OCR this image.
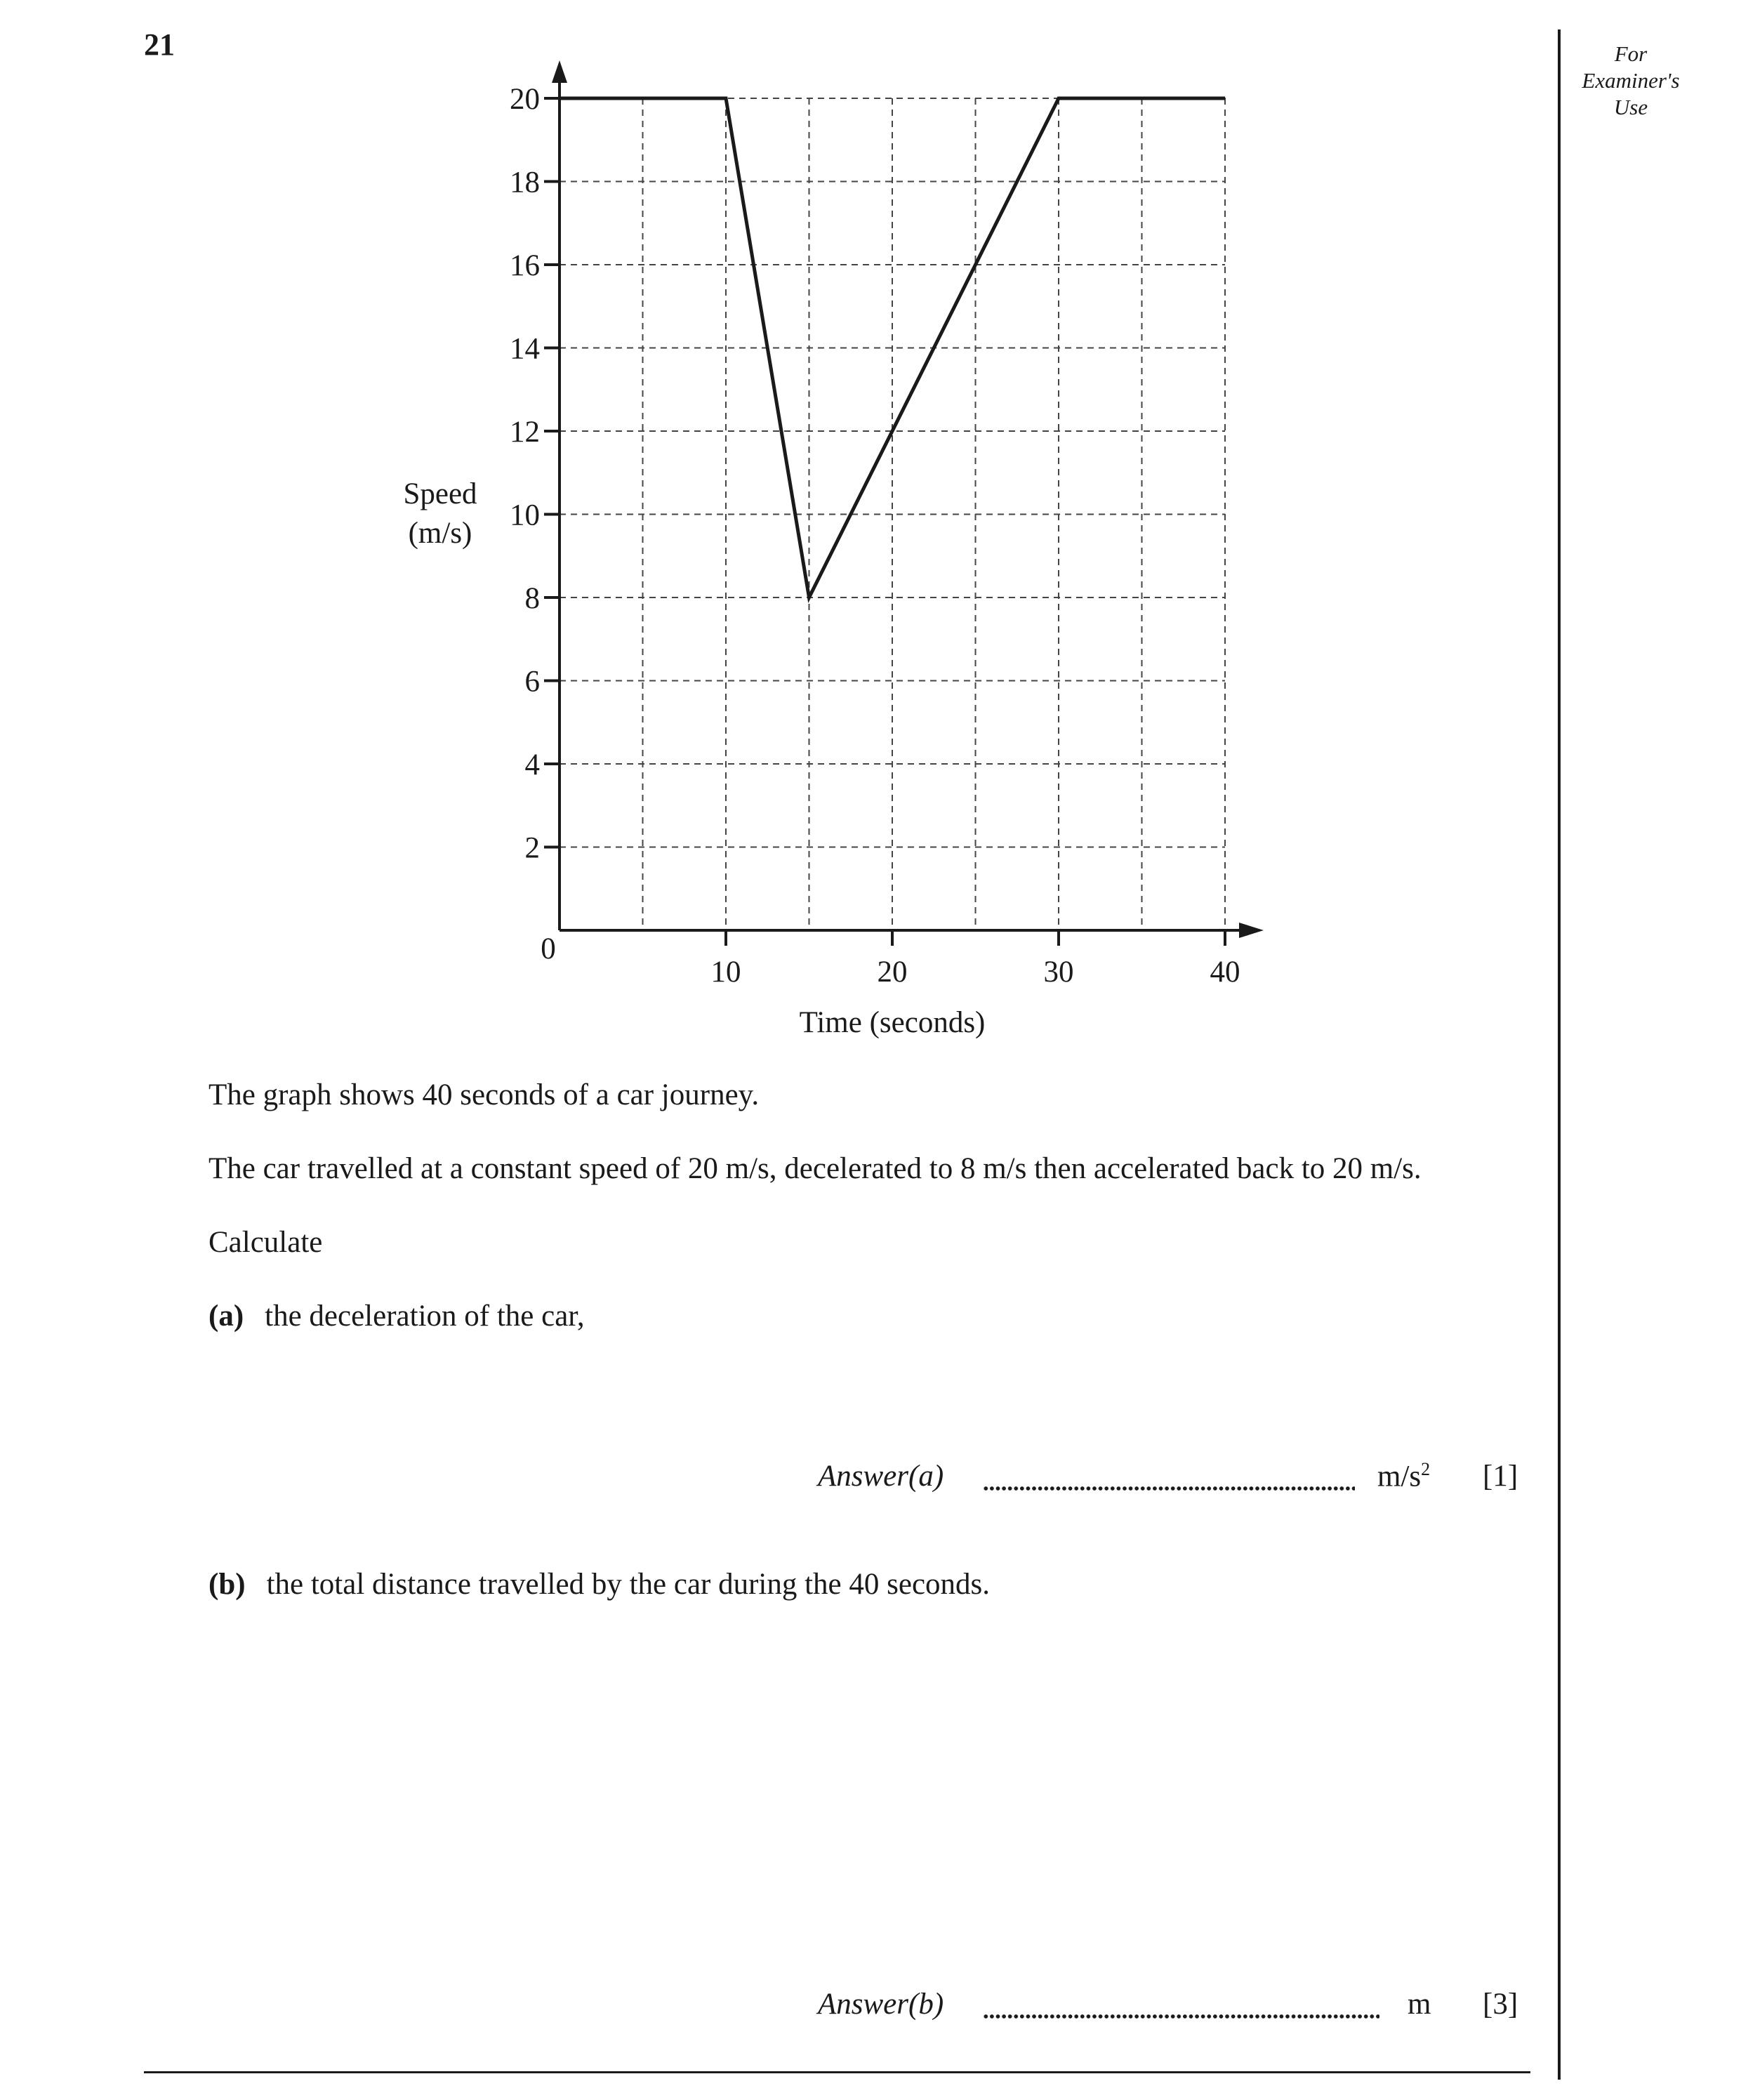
21	For
Examiner's
Use
2
4
6
8
10
12
14
16
18
20
10	20	30	40
0
Time (seconds)
Speed
(m/s)
The graph shows 40 seconds of a car journey.
The car travelled at a constant speed of 20 m/s, decelerated to 8 m/s then accelerated back to 20 m/s.
Calculate
(a) the deceleration of the car,
Answer(a)	$m/s^2$ [1]
(b) the total distance travelled by the car during the 40 seconds.
Answer(b)	m [3]
